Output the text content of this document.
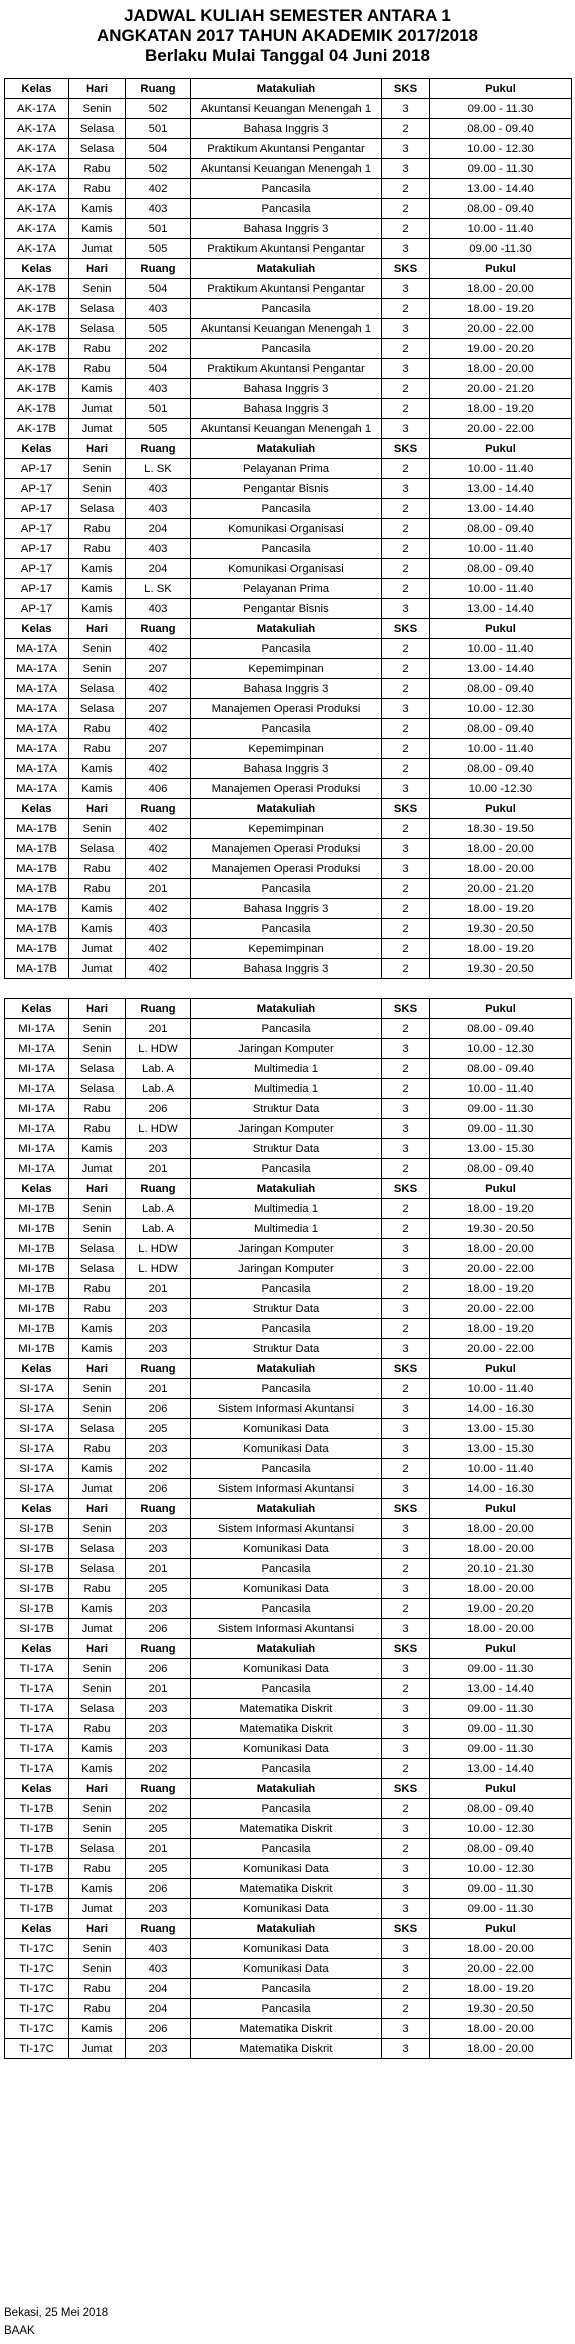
JADWAL KULIAH SEMESTER ANTARA 1
ANGKATAN 2017 TAHUN AKADEMIK 2017/2018
Berlaku Mulai Tanggal 04 Juni 2018
Kelas	Hari	Ruang	Matakuliah	SKS	Pukul
AK-17A	Senin	502	Akuntansi Keuangan Menengah 1	3	09.00 - 11.30
AK-17A	Selasa	501	Bahasa Inggris 3	2	08.00 - 09.40
AK-17A	Selasa	504	Praktikum Akuntansi Pengantar	3	10.00 - 12.30
AK-17A	Rabu	502	Akuntansi Keuangan Menengah 1	3	09.00 - 11.30
AK-17A	Rabu	402	Pancasila	2	13.00 - 14.40
AK-17A	Kamis	403	Pancasila	2	08.00 - 09.40
AK-17A	Kamis	501	Bahasa Inggris 3	2	10.00 - 11.40
AK-17A	Jumat	505	Praktikum Akuntansi Pengantar	3	09.00 -11.30
Kelas	Hari	Ruang	Matakuliah	SKS	Pukul
AK-17B	Senin	504	Praktikum Akuntansi Pengantar	3	18.00 - 20.00
AK-17B	Selasa	403	Pancasila	2	18.00 - 19.20
AK-17B	Selasa	505	Akuntansi Keuangan Menengah 1	3	20.00 - 22.00
AK-17B	Rabu	202	Pancasila	2	19.00 - 20.20
AK-17B	Rabu	504	Praktikum Akuntansi Pengantar	3	18.00 - 20.00
AK-17B	Kamis	403	Bahasa Inggris 3	2	20.00 - 21.20
AK-17B	Jumat	501	Bahasa Inggris 3	2	18.00 - 19.20
AK-17B	Jumat	505	Akuntansi Keuangan Menengah 1	3	20.00 - 22.00
Kelas	Hari	Ruang	Matakuliah	SKS	Pukul
AP-17	Senin	L. SK	Pelayanan Prima	2	10.00 - 11.40
AP-17	Senin	403	Pengantar Bisnis	3	13.00 - 14.40
AP-17	Selasa	403	Pancasila	2	13.00 - 14.40
AP-17	Rabu	204	Komunikasi Organisasi	2	08.00 - 09.40
AP-17	Rabu	403	Pancasila	2	10.00 - 11.40
AP-17	Kamis	204	Komunikasi Organisasi	2	08.00 - 09.40
AP-17	Kamis	L. SK	Pelayanan Prima	2	10.00 - 11.40
AP-17	Kamis	403	Pengantar Bisnis	3	13.00 - 14.40
Kelas	Hari	Ruang	Matakuliah	SKS	Pukul
MA-17A	Senin	402	Pancasila	2	10.00 - 11.40
MA-17A	Senin	207	Kepemimpinan	2	13.00 - 14.40
MA-17A	Selasa	402	Bahasa Inggris 3	2	08.00 - 09.40
MA-17A	Selasa	207	Manajemen Operasi Produksi	3	10.00 - 12.30
MA-17A	Rabu	402	Pancasila	2	08.00 - 09.40
MA-17A	Rabu	207	Kepemimpinan	2	10.00 - 11.40
MA-17A	Kamis	402	Bahasa Inggris 3	2	08.00 - 09.40
MA-17A	Kamis	406	Manajemen Operasi Produksi	3	10.00 -12.30
Kelas	Hari	Ruang	Matakuliah	SKS	Pukul
MA-17B	Senin	402	Kepemimpinan	2	18.30 - 19.50
MA-17B	Selasa	402	Manajemen Operasi Produksi	3	18.00 - 20.00
MA-17B	Rabu	402	Manajemen Operasi Produksi	3	18.00 - 20.00
MA-17B	Rabu	201	Pancasila	2	20.00 - 21.20
MA-17B	Kamis	402	Bahasa Inggris 3	2	18.00 - 19.20
MA-17B	Kamis	403	Pancasila	2	19.30 - 20.50
MA-17B	Jumat	402	Kepemimpinan	2	18.00 - 19.20
MA-17B	Jumat	402	Bahasa Inggris 3	2	19.30 - 20.50
Kelas	Hari	Ruang	Matakuliah	SKS	Pukul
MI-17A	Senin	201	Pancasila	2	08.00 - 09.40
MI-17A	Senin	L. HDW	Jaringan Komputer	3	10.00 - 12.30
MI-17A	Selasa	Lab. A	Multimedia 1	2	08.00 - 09.40
MI-17A	Selasa	Lab. A	Multimedia 1	2	10.00 - 11.40
MI-17A	Rabu	206	Struktur Data	3	09.00 - 11.30
MI-17A	Rabu	L. HDW	Jaringan Komputer	3	09.00 - 11.30
MI-17A	Kamis	203	Struktur Data	3	13.00 - 15.30
MI-17A	Jumat	201	Pancasila	2	08.00 - 09.40
Kelas	Hari	Ruang	Matakuliah	SKS	Pukul
MI-17B	Senin	Lab. A	Multimedia 1	2	18.00 - 19.20
MI-17B	Senin	Lab. A	Multimedia 1	2	19.30 - 20.50
MI-17B	Selasa	L. HDW	Jaringan Komputer	3	18.00 - 20.00
MI-17B	Selasa	L. HDW	Jaringan Komputer	3	20.00 - 22.00
MI-17B	Rabu	201	Pancasila	2	18.00 - 19.20
MI-17B	Rabu	203	Struktur Data	3	20.00 - 22.00
MI-17B	Kamis	203	Pancasila	2	18.00 - 19.20
MI-17B	Kamis	203	Struktur Data	3	20.00 - 22.00
Kelas	Hari	Ruang	Matakuliah	SKS	Pukul
SI-17A	Senin	201	Pancasila	2	10.00 - 11.40
SI-17A	Senin	206	Sistem Informasi Akuntansi	3	14.00 - 16.30
SI-17A	Selasa	205	Komunikasi Data	3	13.00 - 15.30
SI-17A	Rabu	203	Komunikasi Data	3	13.00 - 15.30
SI-17A	Kamis	202	Pancasila	2	10.00 - 11.40
SI-17A	Jumat	206	Sistem Informasi Akuntansi	3	14.00 - 16.30
Kelas	Hari	Ruang	Matakuliah	SKS	Pukul
SI-17B	Senin	203	Sistem Informasi Akuntansi	3	18.00 - 20.00
SI-17B	Selasa	203	Komunikasi Data	3	18.00 - 20.00
SI-17B	Selasa	201	Pancasila	2	20.10 - 21.30
SI-17B	Rabu	205	Komunikasi Data	3	18.00 - 20.00
SI-17B	Kamis	203	Pancasila	2	19.00 - 20.20
SI-17B	Jumat	206	Sistem Informasi Akuntansi	3	18.00 - 20.00
Kelas	Hari	Ruang	Matakuliah	SKS	Pukul
TI-17A	Senin	206	Komunikasi Data	3	09.00 - 11.30
TI-17A	Senin	201	Pancasila	2	13.00 - 14.40
TI-17A	Selasa	203	Matematika Diskrit	3	09.00 - 11.30
TI-17A	Rabu	203	Matematika Diskrit	3	09.00 - 11.30
TI-17A	Kamis	203	Komunikasi Data	3	09.00 - 11.30
TI-17A	Kamis	202	Pancasila	2	13.00 - 14.40
Kelas	Hari	Ruang	Matakuliah	SKS	Pukul
TI-17B	Senin	202	Pancasila	2	08.00 - 09.40
TI-17B	Senin	205	Matematika Diskrit	3	10.00 - 12.30
TI-17B	Selasa	201	Pancasila	2	08.00 - 09.40
TI-17B	Rabu	205	Komunikasi Data	3	10.00 - 12.30
TI-17B	Kamis	206	Matematika Diskrit	3	09.00 - 11.30
TI-17B	Jumat	203	Komunikasi Data	3	09.00 - 11.30
Kelas	Hari	Ruang	Matakuliah	SKS	Pukul
TI-17C	Senin	403	Komunikasi Data	3	18.00 - 20.00
TI-17C	Senin	403	Komunikasi Data	3	20.00 - 22.00
TI-17C	Rabu	204	Pancasila	2	18.00 - 19.20
TI-17C	Rabu	204	Pancasila	2	19.30 - 20.50
TI-17C	Kamis	206	Matematika Diskrit	3	18.00 - 20.00
TI-17C	Jumat	203	Matematika Diskrit	3	18.00 - 20.00
Bekasi, 25 Mei 2018
BAAK
